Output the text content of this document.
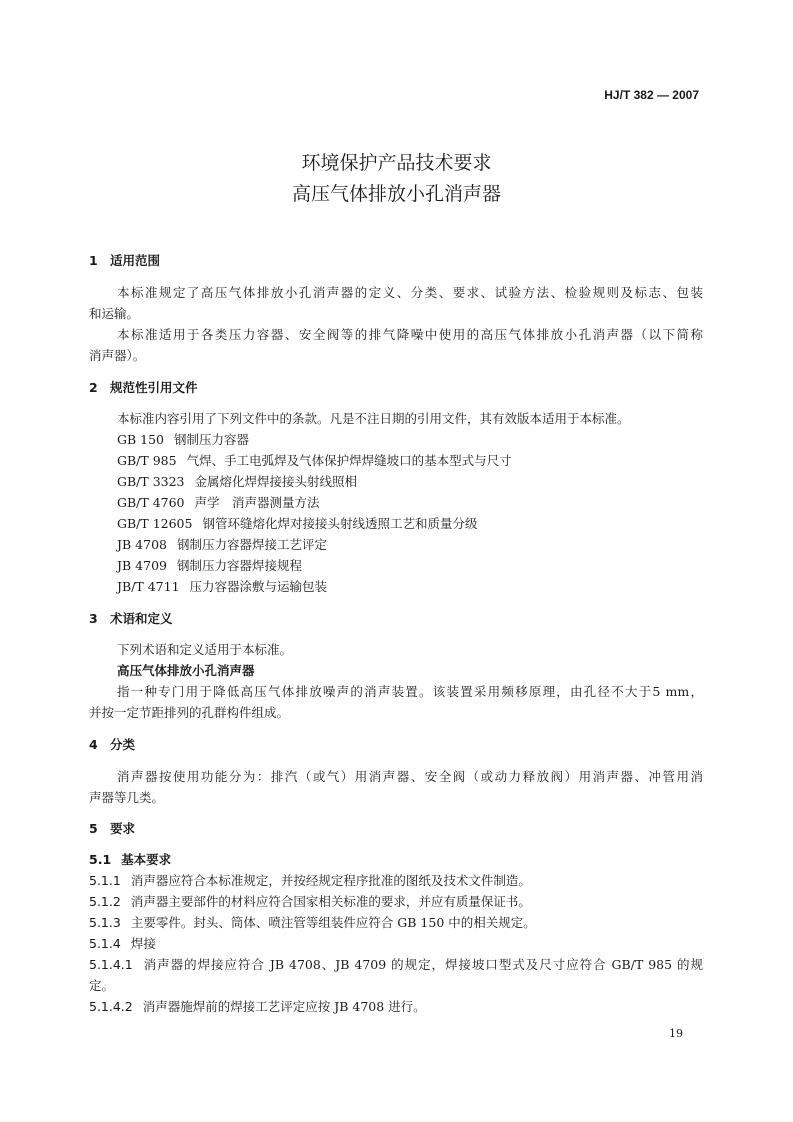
HJ/T 382 — 2007
环境保护产品技术要求
高压气体排放小孔消声器
1 适用范围
本标准规定了高压气体排放小孔消声器的定义、分类、要求、试验方法、检验规则及标志、包装
和运输。
本标准适用于各类压力容器、安全阀等的排气降噪中使用的高压气体排放小孔消声器（以下简称
消声器）。
2 规范性引用文件
本标准内容引用了下列文件中的条款。凡是不注日期的引用文件，其有效版本适用于本标准。
GB 150 钢制压力容器
GB/T 985 气焊、手工电弧焊及气体保护焊焊缝坡口的基本型式与尺寸
GB/T 3323 金属熔化焊焊接接头射线照相
GB/T 4760 声学　消声器测量方法
GB/T 12605 钢管环缝熔化焊对接接头射线透照工艺和质量分级
JB 4708 钢制压力容器焊接工艺评定
JB 4709 钢制压力容器焊接规程
JB/T 4711 压力容器涂敷与运输包装
3 术语和定义
下列术语和定义适用于本标准。
高压气体排放小孔消声器
指一种专门用于降低高压气体排放噪声的消声装置。该装置采用频移原理，由孔径不大于5 mm，
并按一定节距排列的孔群构件组成。
4 分类
消声器按使用功能分为：排汽（或气）用消声器、安全阀（或动力释放阀）用消声器、冲管用消
声器等几类。
5 要求
5.1 基本要求
5.1.1 消声器应符合本标准规定，并按经规定程序批准的图纸及技术文件制造。
5.1.2 消声器主要部件的材料应符合国家相关标准的要求，并应有质量保证书。
5.1.3 主要零件。封头、筒体、喷注管等组装件应符合 GB 150 中的相关规定。
5.1.4 焊接
5.1.4.1 消声器的焊接应符合 JB 4708、JB 4709 的规定，焊接坡口型式及尺寸应符合 GB/T 985 的规
定。
5.1.4.2 消声器施焊前的焊接工艺评定应按 JB 4708 进行。
19
